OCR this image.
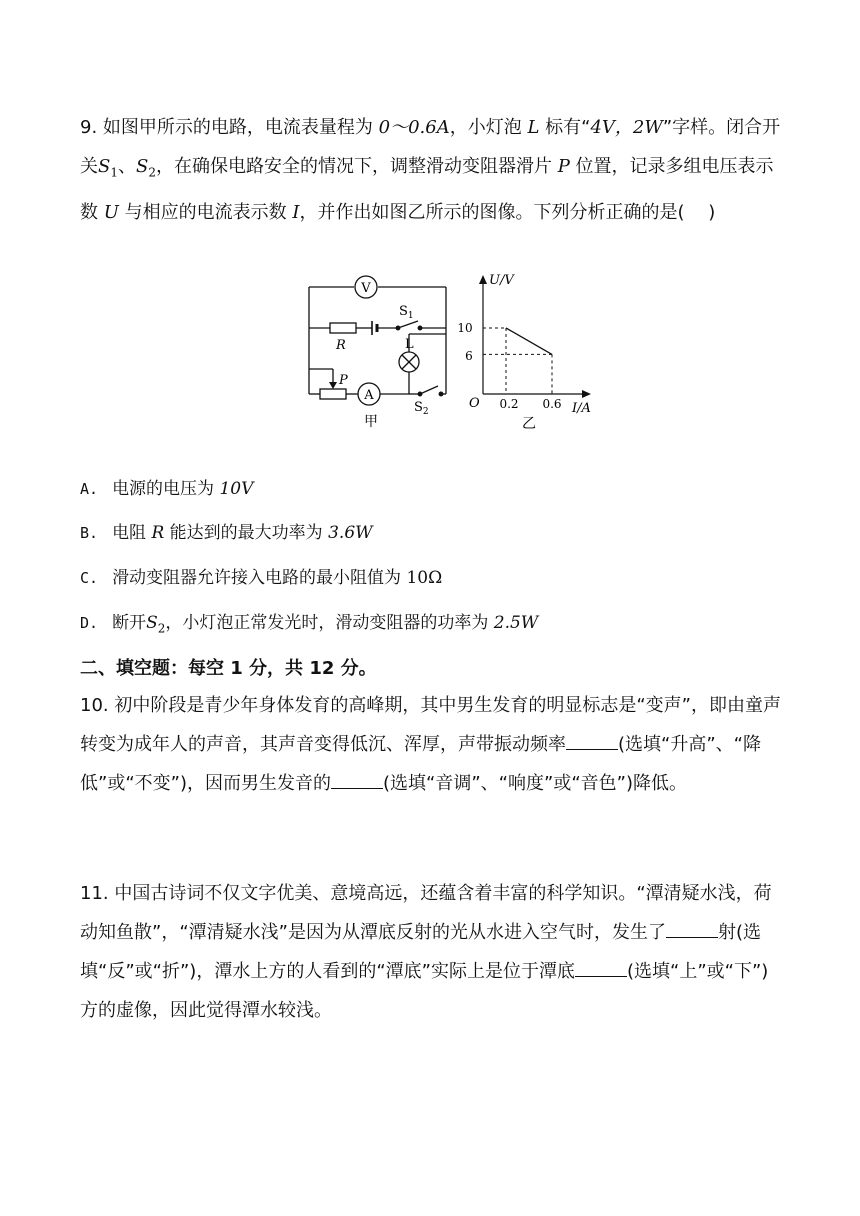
9. 如图甲所示的电路，电流表量程为 0～0.6A，小灯泡 L 标有“4V，2W”字样。闭合开关$S_1$、$S_2$，在确保电路安全的情况下，调整滑动变阻器滑片 P 位置，记录多组电压表示数 U 与相应的电流表示数 I，并作出如图乙所示的图像。下列分析正确的是(　 )

V
A
R
P
L
$S_1$
$S_2$
甲
U/V
I/A
O
10
6
0.2 0.6
乙

A. 电源的电压为 10V

B. 电阻 R 能达到的最大功率为 3.6W

C. 滑动变阻器允许接入电路的最小阻值为 10Ω

D. 断开$S_2$，小灯泡正常发光时，滑动变阻器的功率为 2.5W

二、填空题：每空 1 分，共 12 分。

10. 初中阶段是青少年身体发育的高峰期，其中男生发育的明显标志是“变声”，即由童声转变为成年人的声音，其声音变得低沉、浑厚，声带振动频率	(选填“升高”、“降低”或“不变”)，因而男生发音的	(选填“音调”、“响度”或“音色”)降低。

11. 中国古诗词不仅文字优美、意境高远，还蕴含着丰富的科学知识。“潭清疑水浅，荷动知鱼散”，“潭清疑水浅”是因为从潭底反射的光从水进入空气时，发生了	射(选填“反”或“折”)，潭水上方的人看到的“潭底”实际上是位于潭底	(选填“上”或“下”)方的虚像，因此觉得潭水较浅。
